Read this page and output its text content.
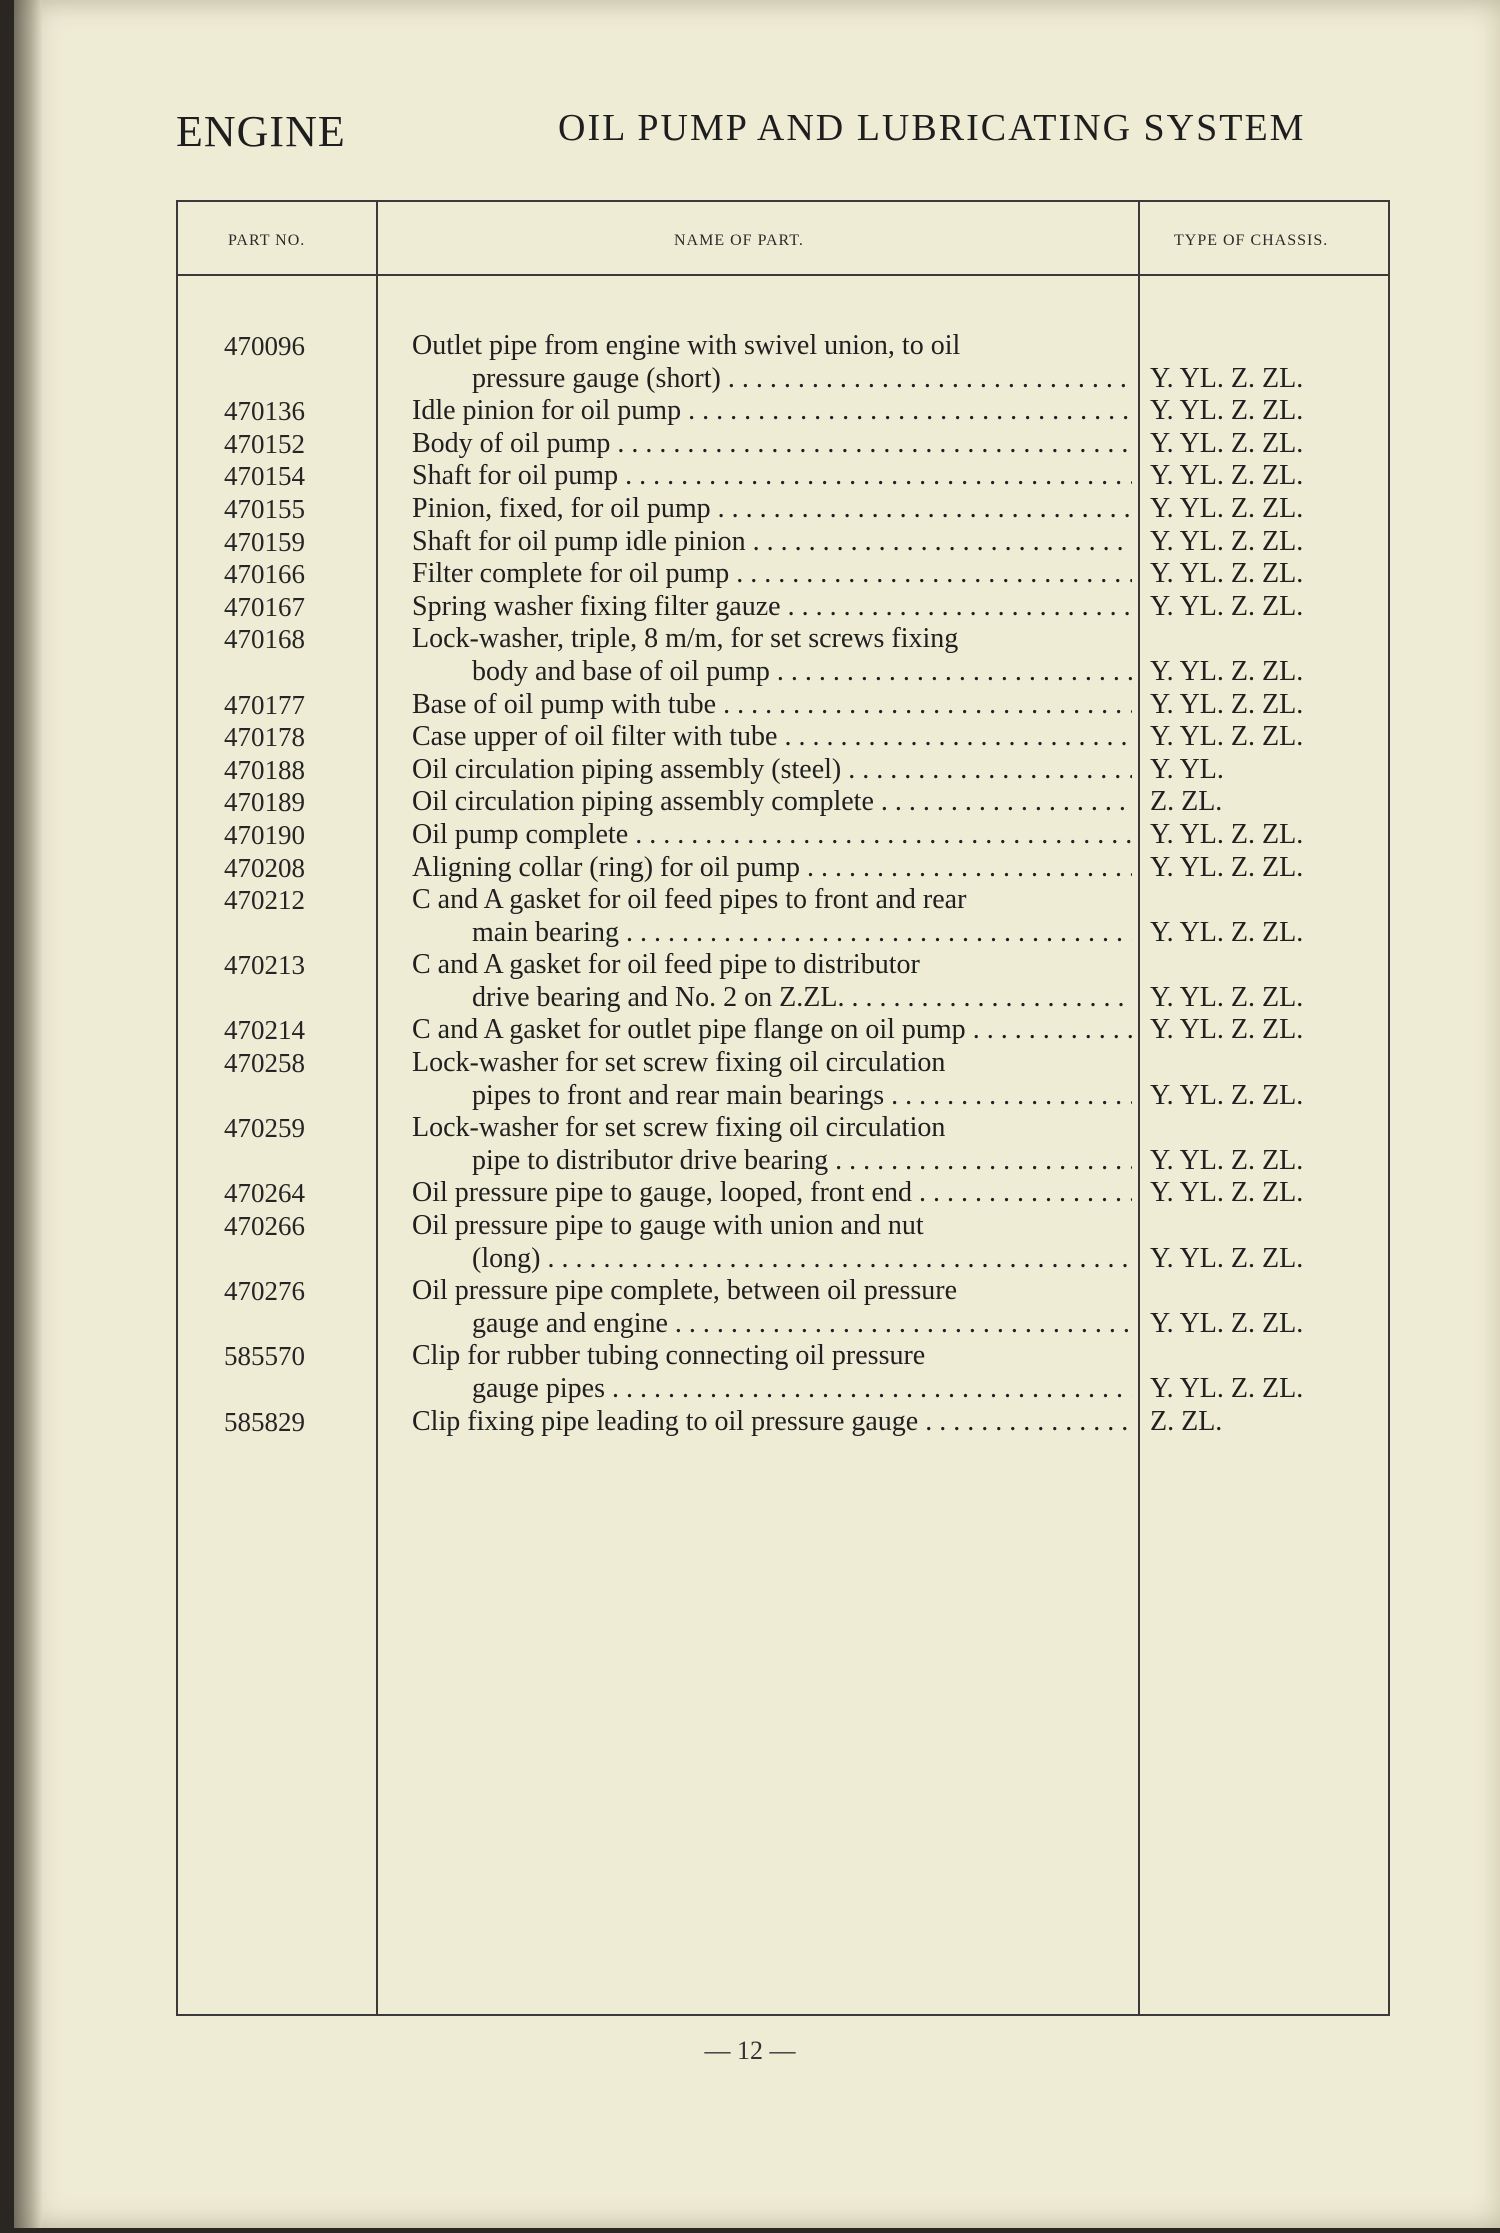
ENGINE	OIL PUMP AND LUBRICATING SYSTEM
PART NO.	NAME OF PART.	TYPE OF CHASSIS.
470096	Outlet pipe from engine with swivel union, to oil
pressure gauge (short) . . .	Y. YL. Z. ZL.
470136	Idle pinion for oil pump . . .	Y. YL. Z. ZL.
470152	Body of oil pump . . .	Y. YL. Z. ZL.
470154	Shaft for oil pump . . .	Y. YL. Z. ZL.
470155	Pinion, fixed, for oil pump . . .	Y. YL. Z. ZL.
470159	Shaft for oil pump idle pinion . . .	Y. YL. Z. ZL.
470166	Filter complete for oil pump . . .	Y. YL. Z. ZL.
470167	Spring washer fixing filter gauze . . .	Y. YL. Z. ZL.
470168	Lock-washer, triple, 8 m/m, for set screws fixing
body and base of oil pump . . .	Y. YL. Z. ZL.
470177	Base of oil pump with tube . . .	Y. YL. Z. ZL.
470178	Case upper of oil filter with tube . . .	Y. YL. Z. ZL.
470188	Oil circulation piping assembly (steel) . . .	Y. YL.
470189	Oil circulation piping assembly complete . . .	Z. ZL.
470190	Oil pump complete . . .	Y. YL. Z. ZL.
470208	Aligning collar (ring) for oil pump . . .	Y. YL. Z. ZL.
470212	C and A gasket for oil feed pipes to front and rear
main bearing . . .	Y. YL. Z. ZL.
470213	C and A gasket for oil feed pipe to distributor
drive bearing and No. 2 on Z.ZL. . . .	Y. YL. Z. ZL.
470214	C and A gasket for outlet pipe flange on oil pump . . .	Y. YL. Z. ZL.
470258	Lock-washer for set screw fixing oil circulation
pipes to front and rear main bearings . . .	Y. YL. Z. ZL.
470259	Lock-washer for set screw fixing oil circulation
pipe to distributor drive bearing . . .	Y. YL. Z. ZL.
470264	Oil pressure pipe to gauge, looped, front end . . .	Y. YL. Z. ZL.
470266	Oil pressure pipe to gauge with union and nut
(long) . . .	Y. YL. Z. ZL.
470276	Oil pressure pipe complete, between oil pressure
gauge and engine . . .	Y. YL. Z. ZL.
585570	Clip for rubber tubing connecting oil pressure
gauge pipes . . .	Y. YL. Z. ZL.
585829	Clip fixing pipe leading to oil pressure gauge . . .	Z. ZL.
— 12 —
